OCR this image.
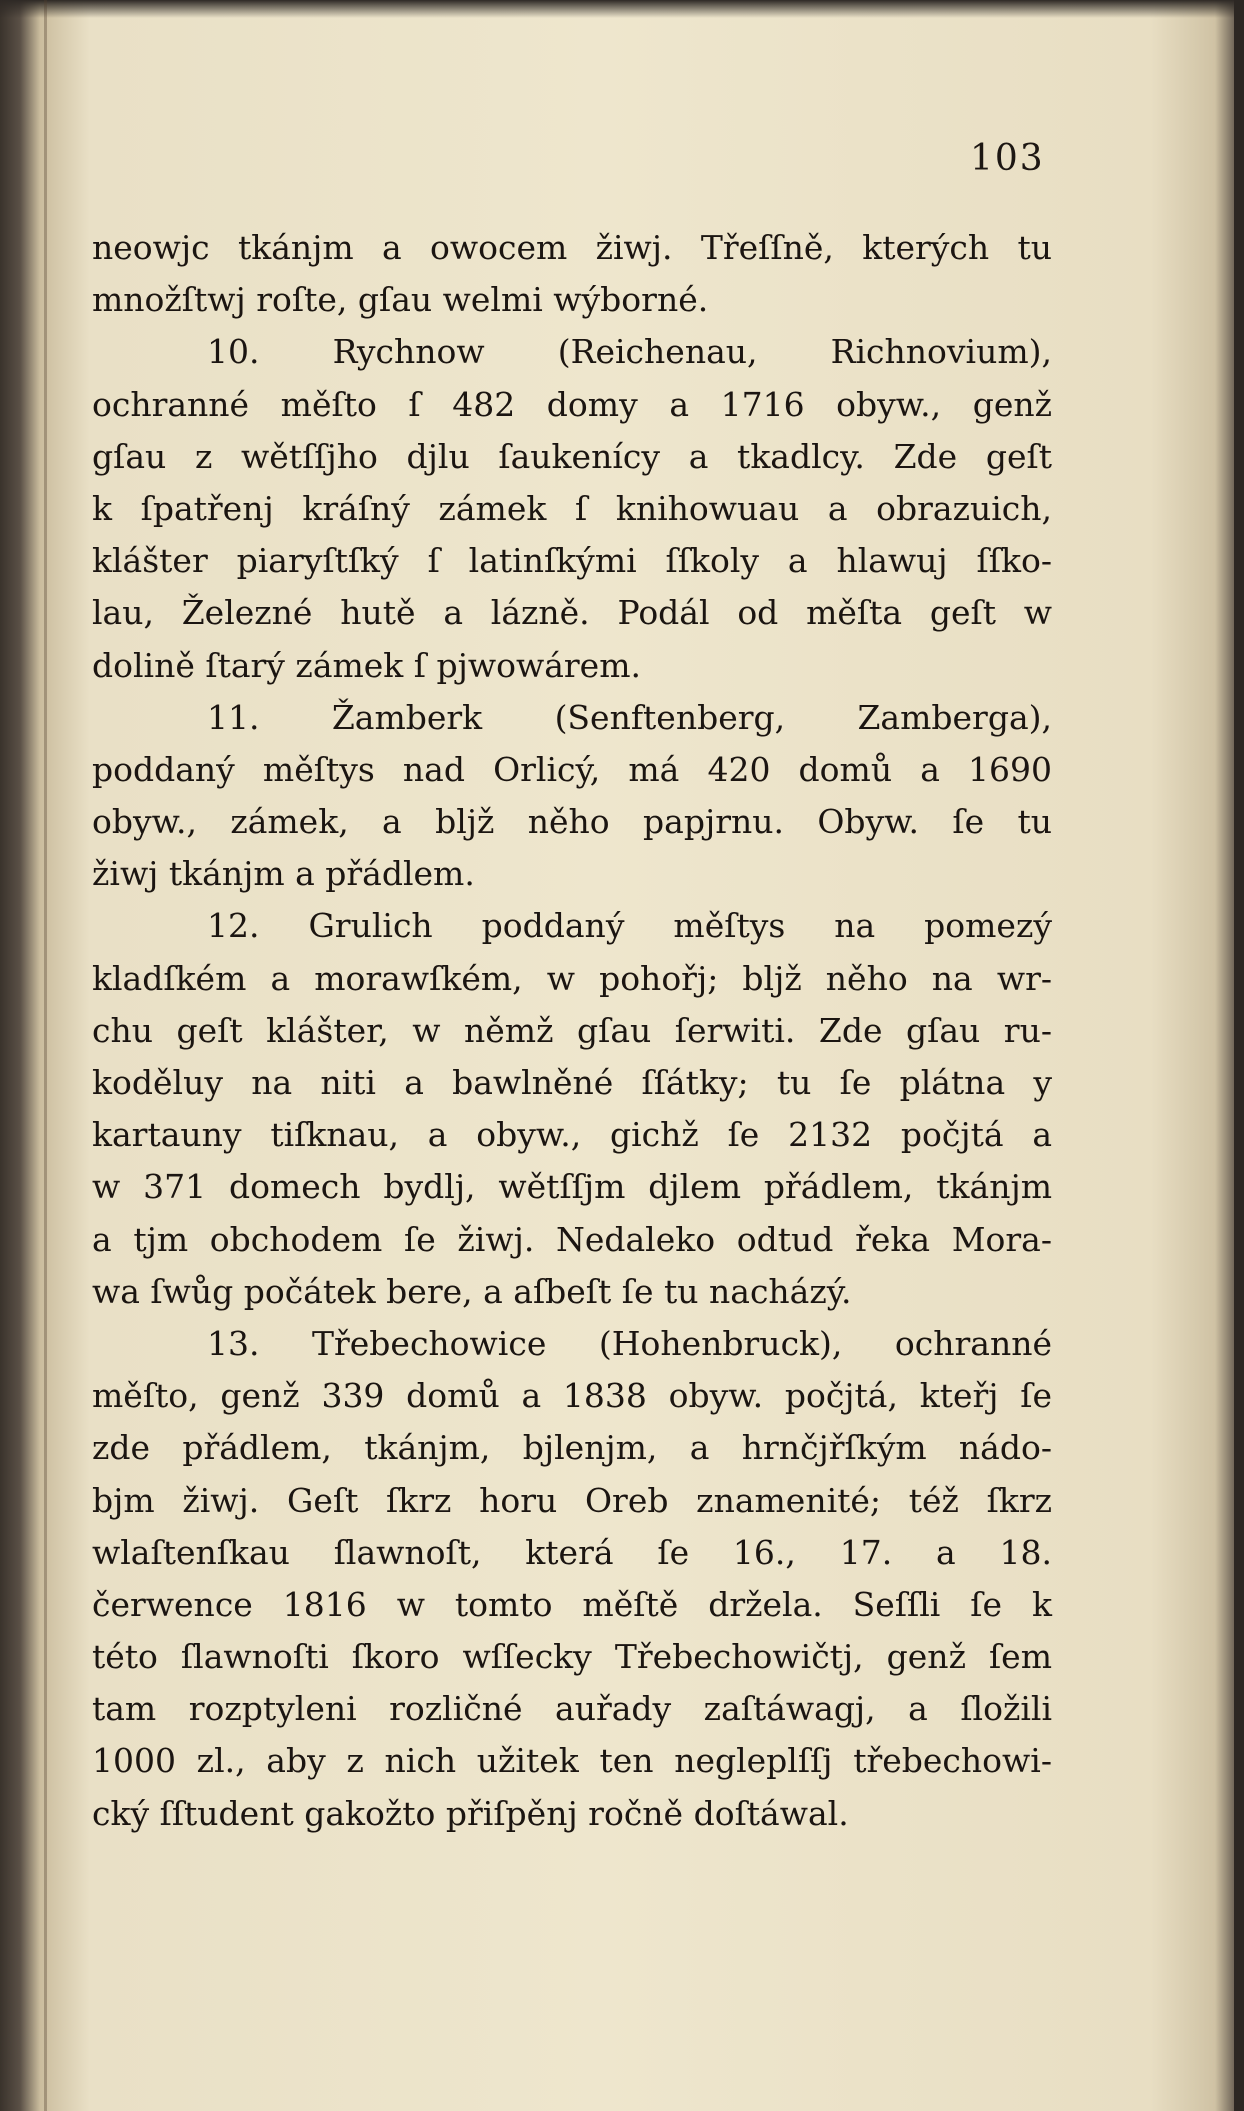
103
neowjc tkánjm a owocem žiwj. Třeſſně, kterých tu
množſtwj roſte, gſau welmi wýborné.
10. Rychnow (Reichenau, Richnovium),
ochranné měſto ſ 482 domy a 1716 obyw., genž
gſau z wětſſjho djlu ſaukenícy a tkadlcy. Zde geſt
k ſpatřenj kráſný zámek ſ knihowuau a obrazuich,
klášter piaryſtſký ſ latinſkými ſſkoly a hlawuj ſſko-
lau, Železné hutě a lázně. Podál od měſta geſt w
dolině ſtarý zámek ſ pjwowárem.
11. Žamberk (Senftenberg, Zamberga),
poddaný měſtys nad Orlicý, má 420 domů a 1690
obyw., zámek, a bljž něho papjrnu. Obyw. ſe tu
žiwj tkánjm a přádlem.
12. Grulich poddaný měſtys na pomezý
kladſkém a morawſkém, w pohořj; bljž něho na wr-
chu geſt klášter, w němž gſau ſerwiti. Zde gſau ru-
koděluy na niti a bawlněné ſſátky; tu ſe plátna y
kartauny tiſknau, a obyw., gichž ſe 2132 počjtá a
w 371 domech bydlj, wětſſjm djlem přádlem, tkánjm
a tjm obchodem ſe žiwj. Nedaleko odtud řeka Mora-
wa ſwůg počátek bere, a aſbeſt ſe tu nacházý.
13. Třebechowice (Hohenbruck), ochranné
měſto, genž 339 domů a 1838 obyw. počjtá, kteřj ſe
zde přádlem, tkánjm, bjlenjm, a hrnčjřſkým nádo-
bjm žiwj. Geſt ſkrz horu Oreb znamenité; též ſkrz
wlaſtenſkau ſlawnoſt, která ſe 16., 17. a 18.
čerwence 1816 w tomto měſtě držela. Seſſli ſe k
této ſlawnoſti ſkoro wſſecky Třebechowičtj, genž ſem
tam rozptyleni rozličné auřady zaſtáwagj, a ſložili
1000 zl., aby z nich užitek ten negleplſſj třebechowi-
cký ſſtudent gakožto přiſpěnj ročně doſtáwal.
